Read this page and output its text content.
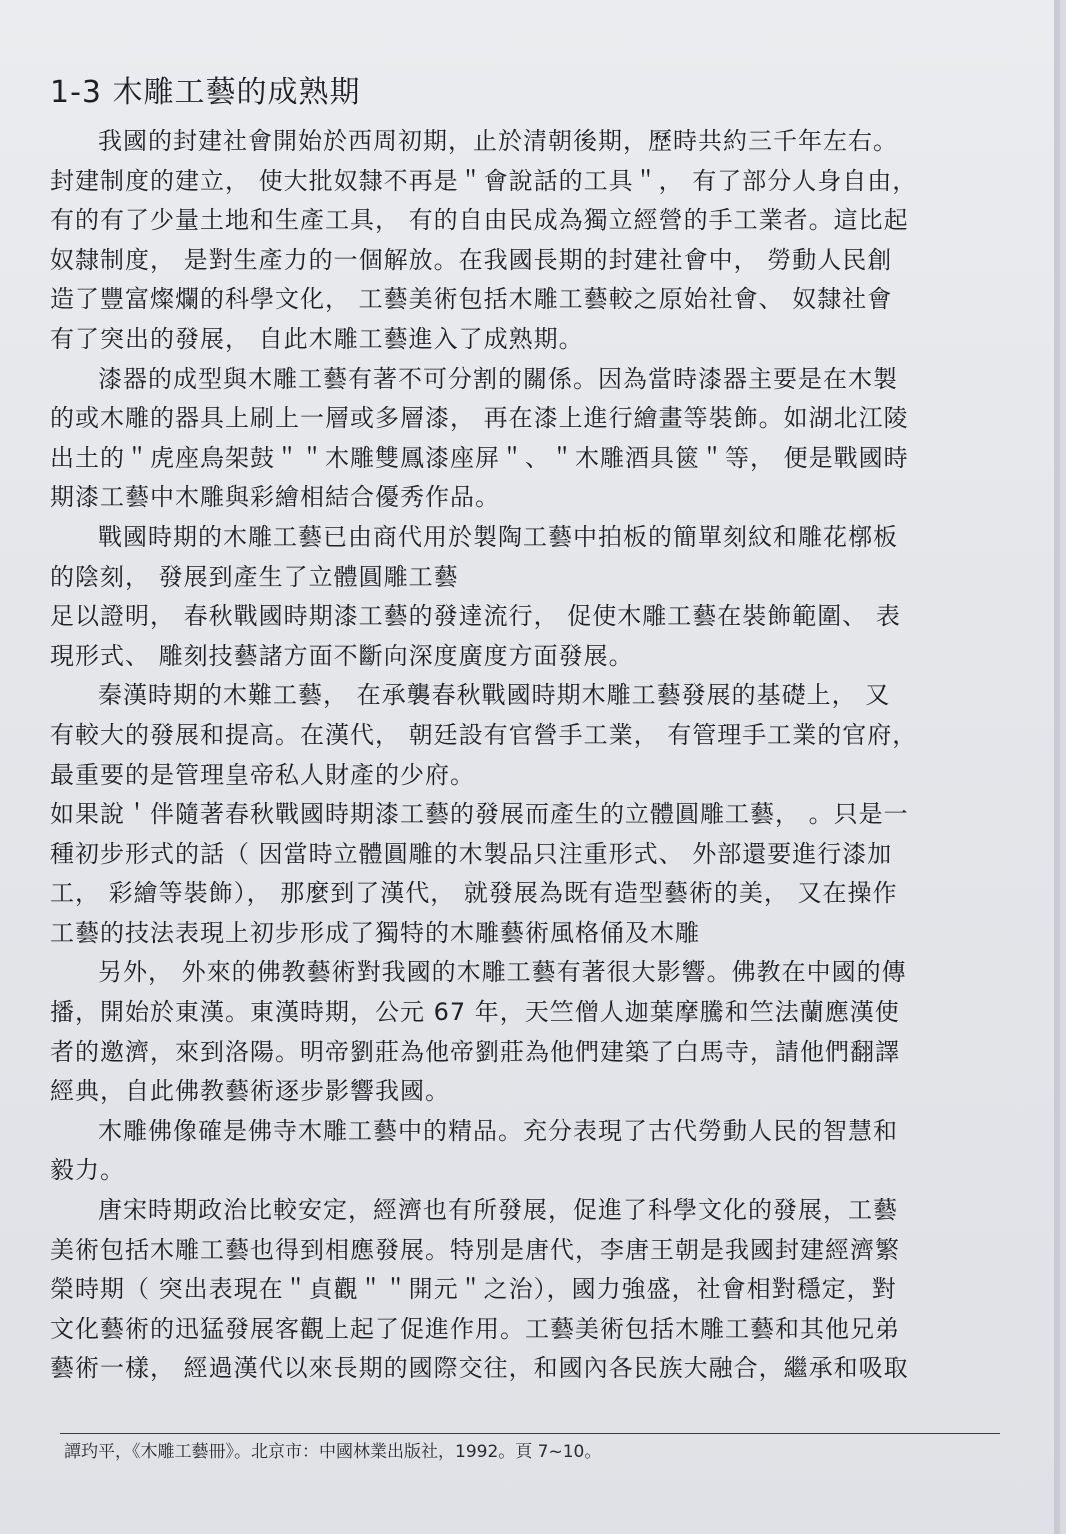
1-3 木雕工藝的成熟期
我國的封建社會開始於西周初期，止於清朝後期，歷時共約三千年左右。
封建制度的建立， 使大批奴隸不再是＂會說話的工具＂， 有了部分人身自由，
有的有了少量土地和生產工具， 有的自由民成為獨立經營的手工業者。這比起
奴隸制度， 是對生產力的一個解放。在我國長期的封建社會中， 勞動人民創
造了豐富燦爛的科學文化， 工藝美術包括木雕工藝較之原始社會、 奴隸社會
有了突出的發展， 自此木雕工藝進入了成熟期。
漆器的成型與木雕工藝有著不可分割的關係。因為當時漆器主要是在木製
的或木雕的器具上刷上一層或多層漆， 再在漆上進行繪畫等裝飾。如湖北江陵
出土的＂虎座鳥架鼓＂＂木雕雙鳳漆座屏＂、＂木雕酒具篋＂等， 便是戰國時
期漆工藝中木雕與彩繪相結合優秀作品。
戰國時期的木雕工藝已由商代用於製陶工藝中拍板的簡單刻紋和雕花槨板
的陰刻， 發展到產生了立體圓雕工藝
足以證明， 春秋戰國時期漆工藝的發達流行， 促使木雕工藝在裝飾範圍、 表
現形式、 雕刻技藝諸方面不斷向深度廣度方面發展。
秦漢時期的木難工藝， 在承襲春秋戰國時期木雕工藝發展的基礎上， 又
有較大的發展和提高。在漢代， 朝廷設有官營手工業， 有管理手工業的官府，
最重要的是管理皇帝私人財產的少府。
如果說＇伴隨著春秋戰國時期漆工藝的發展而產生的立體圓雕工藝， 。只是一
種初步形式的話（ 因當時立體圓雕的木製品只注重形式、 外部還要進行漆加
工， 彩繪等裝飾）， 那麼到了漢代， 就發展為既有造型藝術的美， 又在操作
工藝的技法表現上初步形成了獨特的木雕藝術風格俑及木雕
另外， 外來的佛教藝術對我國的木雕工藝有著很大影響。佛教在中國的傳
播，開始於東漢。東漢時期，公元 67 年，天竺僧人迦葉摩騰和竺法蘭應漢使
者的邀濟，來到洛陽。明帝劉莊為他帝劉莊為他們建築了白馬寺，請他們翻譯
經典，自此佛教藝術逐步影響我國。
木雕佛像確是佛寺木雕工藝中的精品。充分表現了古代勞動人民的智慧和
毅力。
唐宋時期政治比較安定，經濟也有所發展，促進了科學文化的發展，工藝
美術包括木雕工藝也得到相應發展。特別是唐代，李唐王朝是我國封建經濟繁
榮時期（ 突出表現在＂貞觀＂＂開元＂之治），國力強盛，社會相對穩定，對
文化藝術的迅猛發展客觀上起了促進作用。工藝美術包括木雕工藝和其他兄弟
藝術一樣， 經過漢代以來長期的國際交往，和國內各民族大融合，繼承和吸取
譚玓平，《木雕工藝冊》。北京市：中國林業出版社，1992。頁 7~10。
